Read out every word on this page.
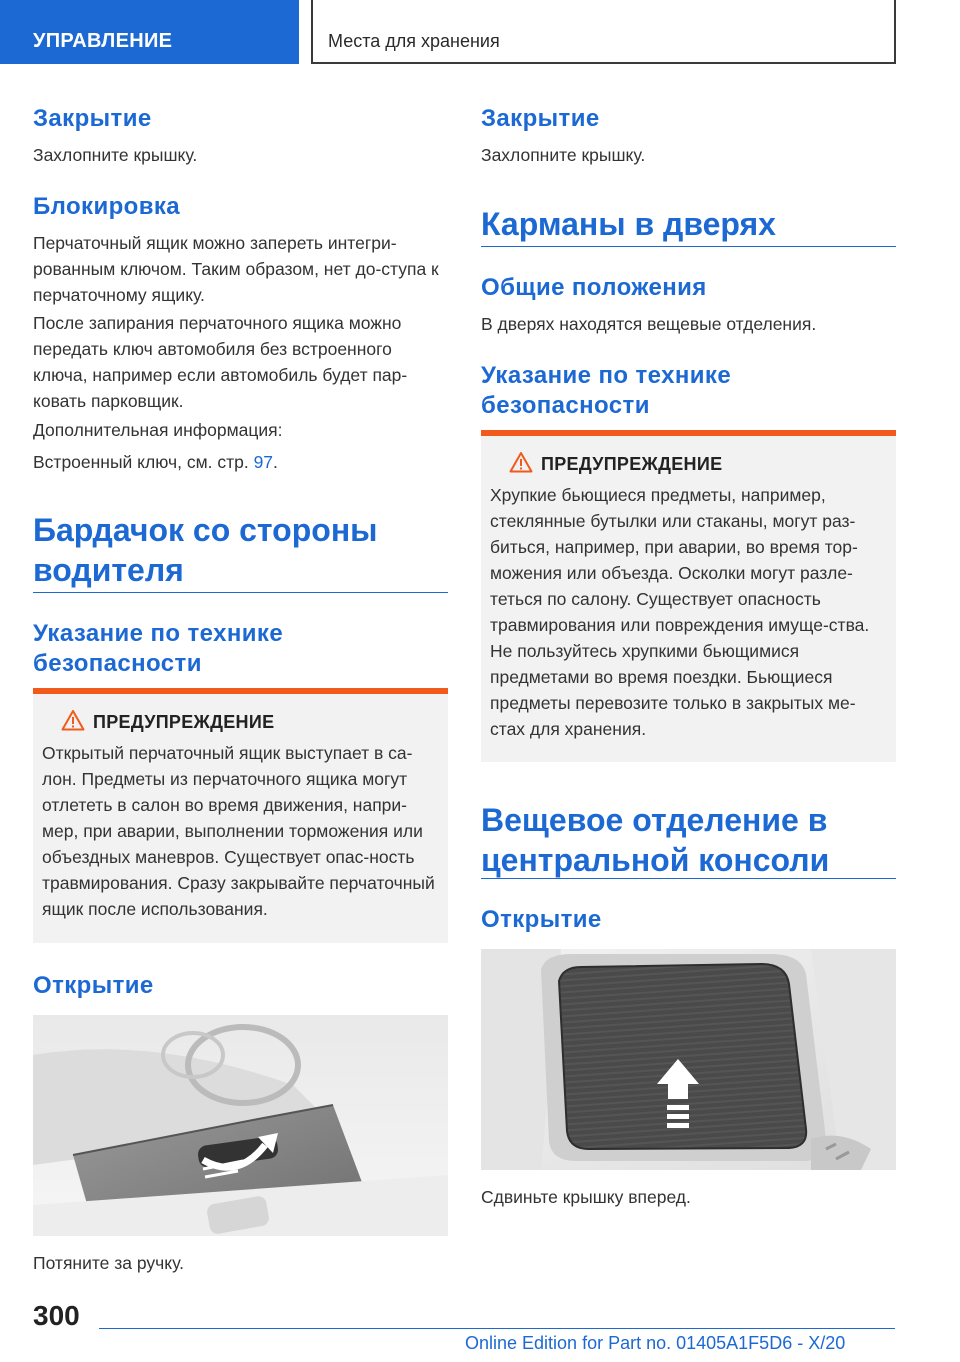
УПРАВЛЕНИЕ	Места для хранения
Закрытие
Захлопните крышку.
Блокировка
Перчаточный ящик можно запереть интегри-рованным ключом. Таким образом, нет до-ступа к перчаточному ящику.
После запирания перчаточного ящика можно передать ключ автомобиля без встроенного ключа, например если автомобиль будет пар-ковать парковщик.
Дополнительная информация:
Встроенный ключ, см. стр. 97.
Бардачок со стороны водителя
Указание по технике безопасности
ПРЕДУПРЕЖДЕНИЕ
Открытый перчаточный ящик выступает в са-лон. Предметы из перчаточного ящика могут отлететь в салон во время движения, напри-мер, при аварии, выполнении торможения или объездных маневров. Существует опас-ность травмирования. Сразу закрывайте перчаточный ящик после использования.
Открытие
Потяните за ручку.
Закрытие
Захлопните крышку.
Карманы в дверях
Общие положения
В дверях находятся вещевые отделения.
Указание по технике безопасности
ПРЕДУПРЕЖДЕНИЕ
Хрупкие бьющиеся предметы, например, стеклянные бутылки или стаканы, могут раз-биться, например, при аварии, во время тор-можения или объезда. Осколки могут разле-теться по салону. Существует опасность травмирования или повреждения имуще-ства. Не пользуйтесь хрупкими бьющимися предметами во время поездки. Бьющиеся предметы перевозите только в закрытых ме-стах для хранения.
Вещевое отделение в центральной консоли
Открытие
Сдвиньте крышку вперед.
300
Online Edition for Part no. 01405A1F5D6 - X/20
